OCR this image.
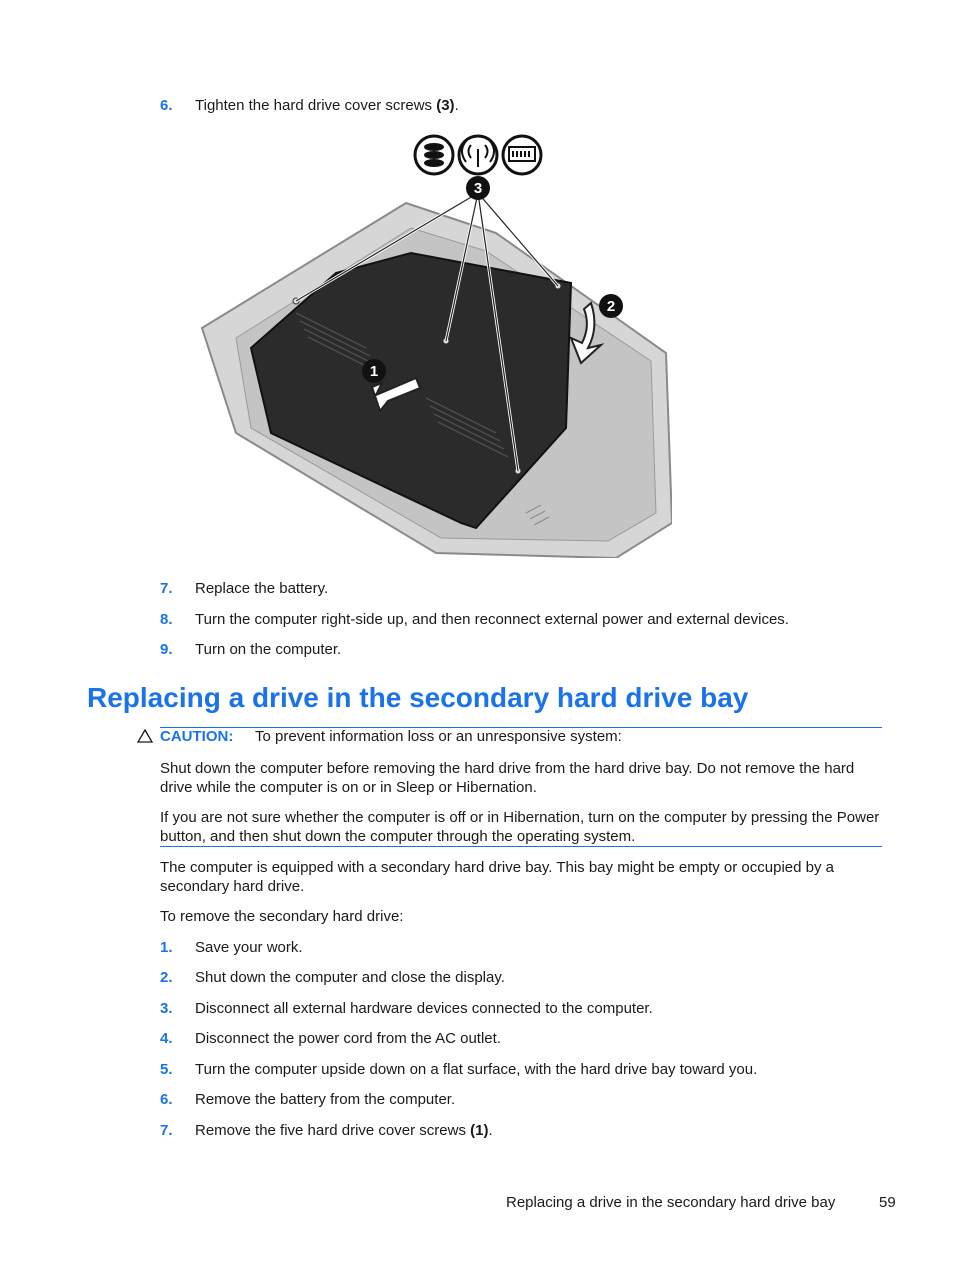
6. Tighten the hard drive cover screws (3).
1
2
3
7. Replace the battery.
8. Turn the computer right-side up, and then reconnect external power and external devices.
9. Turn on the computer.
Replacing a drive in the secondary hard drive bay
CAUTION: To prevent information loss or an unresponsive system:
Shut down the computer before removing the hard drive from the hard drive bay. Do not remove the hard drive while the computer is on or in Sleep or Hibernation.
If you are not sure whether the computer is off or in Hibernation, turn on the computer by pressing the Power button, and then shut down the computer through the operating system.
The computer is equipped with a secondary hard drive bay. This bay might be empty or occupied by a secondary hard drive.
To remove the secondary hard drive:
1. Save your work.
2. Shut down the computer and close the display.
3. Disconnect all external hardware devices connected to the computer.
4. Disconnect the power cord from the AC outlet.
5. Turn the computer upside down on a flat surface, with the hard drive bay toward you.
6. Remove the battery from the computer.
7. Remove the five hard drive cover screws (1).
Replacing a drive in the secondary hard drive bay	59
